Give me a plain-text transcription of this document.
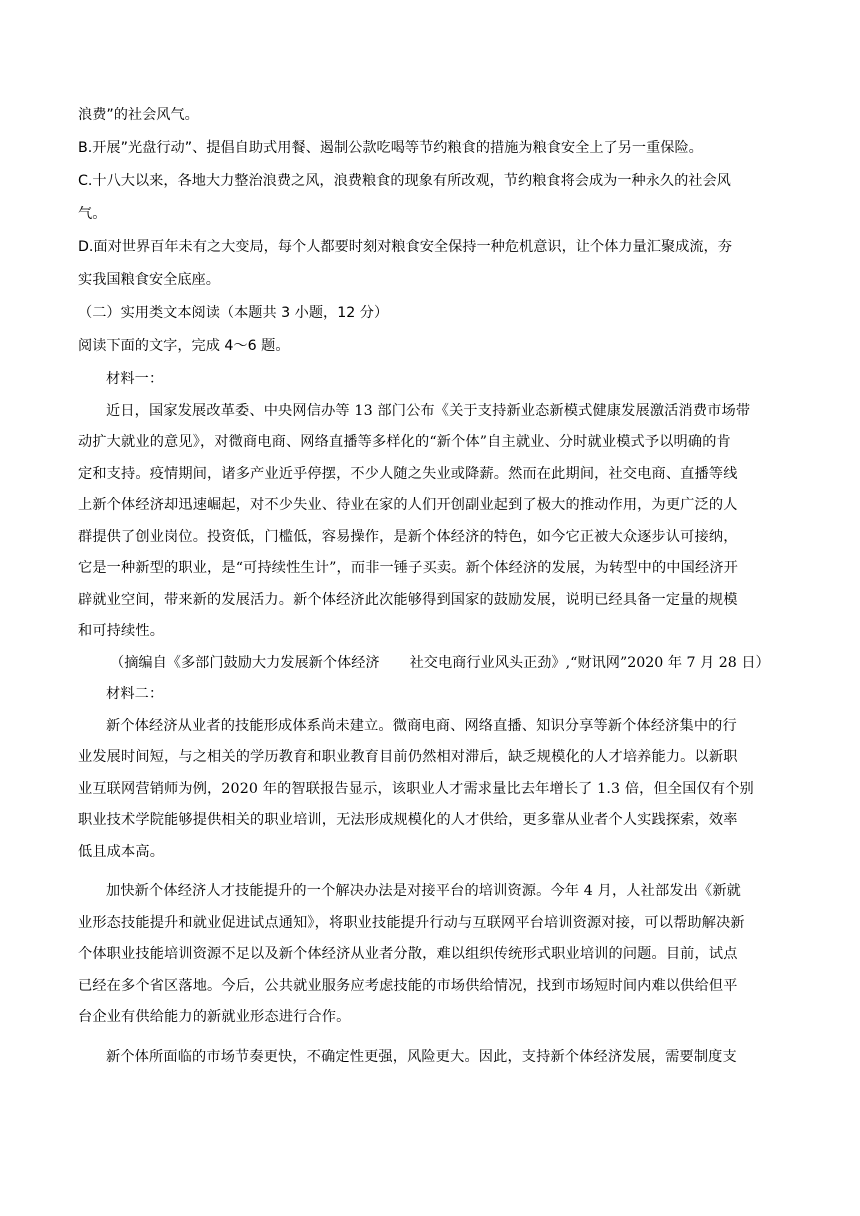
浪费”的社会风气。
B.开展”光盘行动”、提倡自助式用餐、遏制公款吃喝等节约粮食的措施为粮食安全上了另一重保险。
C.十八大以来，各地大力整治浪费之风，浪费粮食的现象有所改观，节约粮食将会成为一种永久的社会风
气。
D.面对世界百年未有之大变局，每个人都要时刻对粮食安全保持一种危机意识，让个体力量汇聚成流，夯
实我国粮食安全底座。
（二）实用类文本阅读（本题共 3 小题，12 分）
阅读下面的文字，完成 4～6 题。
材料一：
近日，国家发展改革委、中央网信办等 13 部门公布《关于支持新业态新模式健康发展激活消费市场带
动扩大就业的意见》，对微商电商、网络直播等多样化的“新个体”自主就业、分时就业模式予以明确的肯
定和支持。疫情期间，诸多产业近乎停摆，不少人随之失业或降薪。然而在此期间，社交电商、直播等线
上新个体经济却迅速崛起，对不少失业、待业在家的人们开创副业起到了极大的推动作用，为更广泛的人
群提供了创业岗位。投资低，门槛低，容易操作，是新个体经济的特色，如今它正被大众逐步认可接纳，
它是一种新型的职业，是“可持续性生计”，而非一锤子买卖。新个体经济的发展，为转型中的中国经济开
辟就业空间，带来新的发展活力。新个体经济此次能够得到国家的鼓励发展，说明已经具备一定量的规模
和可持续性。
（摘编自《多部门鼓励大力发展新个体经济 社交电商行业风头正劲》,“财讯网”2020 年 7 月 28 日）
材料二：
新个体经济从业者的技能形成体系尚未建立。微商电商、网络直播、知识分享等新个体经济集中的行
业发展时间短，与之相关的学历教育和职业教育目前仍然相对滞后，缺乏规模化的人才培养能力。以新职
业互联网营销师为例，2020 年的智联报告显示，该职业人才需求量比去年增长了 1.3 倍，但全国仅有个别
职业技术学院能够提供相关的职业培训，无法形成规模化的人才供给，更多靠从业者个人实践探索，效率
低且成本高。
加快新个体经济人才技能提升的一个解决办法是对接平台的培训资源。今年 4 月，人社部发出《新就
业形态技能提升和就业促进试点通知》，将职业技能提升行动与互联网平台培训资源对接，可以帮助解决新
个体职业技能培训资源不足以及新个体经济从业者分散，难以组织传统形式职业培训的问题。目前，试点
已经在多个省区落地。今后，公共就业服务应考虑技能的市场供给情况，找到市场短时间内难以供给但平
台企业有供给能力的新就业形态进行合作。
新个体所面临的市场节奏更快，不确定性更强，风险更大。因此，支持新个体经济发展，需要制度支
